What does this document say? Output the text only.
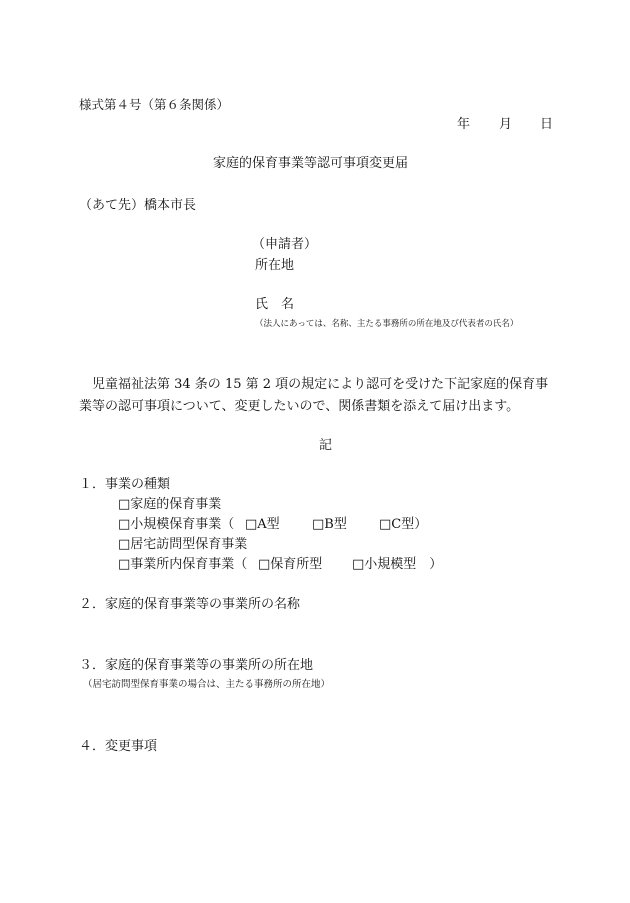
様式第４号（第６条関係）
年 月 日
家庭的保育事業等認可事項変更届
（あて先）橋本市長
（申請者）
所在地
氏　名
（法人にあっては、名称、主たる事務所の所在地及び代表者の氏名）
児童福祉法第 34 条の 15 第 2 項の規定により認可を受けた下記家庭的保育事
業等の認可事項について、変更したいので、関係書類を添えて届け出ます。
記
１．事業の種類
□家庭的保育事業
□小規模保育事業（ □A型 □B型 □C型）
□居宅訪問型保育事業
□事業所内保育事業（ □保育所型 □小規模型　）
２．家庭的保育事業等の事業所の名称
３．家庭的保育事業等の事業所の所在地
（居宅訪問型保育事業の場合は、主たる事務所の所在地）
４．変更事項
